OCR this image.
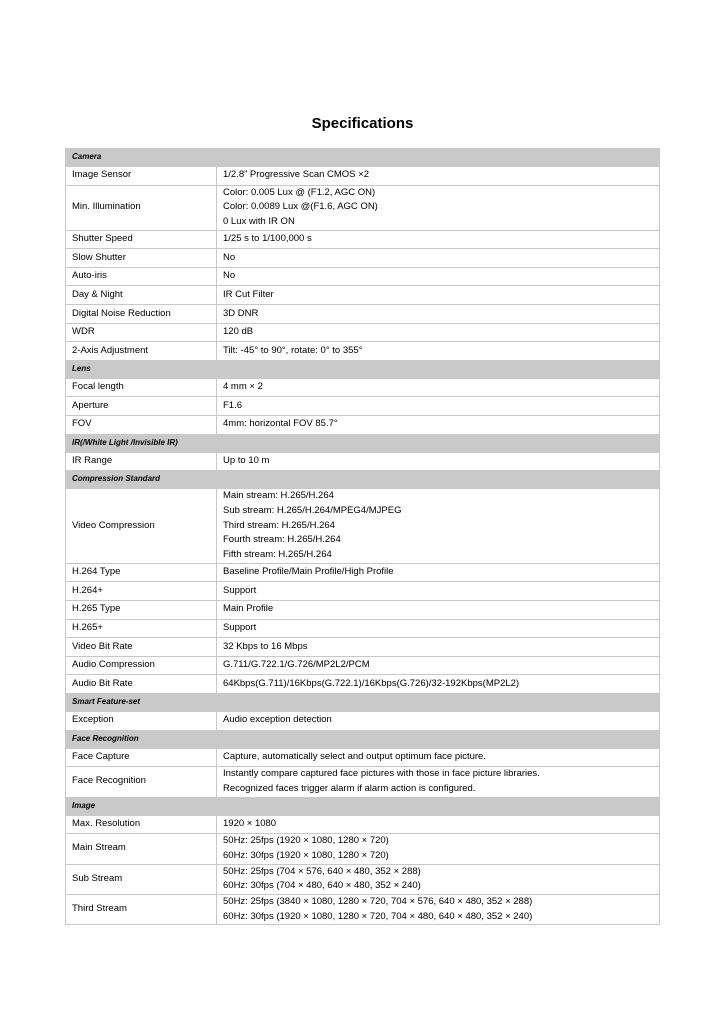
Specifications
Camera	
Image Sensor	1/2.8” Progressive Scan CMOS ×2

Min. Illumination	Color: 0.005 Lux @ (F1.2, AGC ON)
Color: 0.0089 Lux @(F1.6, AGC ON)
0 Lux with IR ON

Shutter Speed	1/25 s to 1/100,000 s

Slow Shutter	No

Auto-iris	No

Day & Night	IR Cut Filter

Digital Noise Reduction	3D DNR

WDR	120 dB

2-Axis Adjustment	Tilt: -45° to 90°, rotate: 0° to 355°

Lens	
Focal length	4 mm × 2

Aperture	F1.6

FOV	4mm: horizontal FOV 85.7°

IR(/White Light /Invisible IR)	
IR Range	Up to 10 m

Compression Standard	
Video Compression	Main stream: H.265/H.264
Sub stream: H.265/H.264/MPEG4/MJPEG
Third stream: H.265/H.264
Fourth stream: H.265/H.264
Fifth stream: H.265/H.264

H.264 Type	Baseline Profile/Main Profile/High Profile

H.264+	Support

H.265 Type	Main Profile

H.265+	Support

Video Bit Rate	32 Kbps to 16 Mbps

Audio Compression	G.711/G.722.1/G.726/MP2L2/PCM

Audio Bit Rate	64Kbps(G.711)/16Kbps(G.722.1)/16Kbps(G.726)/32-192Kbps(MP2L2)

Smart Feature-set	
Exception	Audio exception detection

Face Recognition	
Face Capture	Capture, automatically select and output optimum face picture.

Face Recognition	Instantly compare captured face pictures with those in face picture libraries.
Recognized faces trigger alarm if alarm action is configured.

Image	
Max. Resolution	1920 × 1080

Main Stream	50Hz: 25fps (1920 × 1080, 1280 × 720)
60Hz: 30fps (1920 × 1080, 1280 × 720)

Sub Stream	50Hz: 25fps (704 × 576, 640 × 480, 352 × 288)
60Hz: 30fps (704 × 480, 640 × 480, 352 × 240)

Third Stream	50Hz: 25fps (3840 × 1080, 1280 × 720, 704 × 576, 640 × 480, 352 × 288)
60Hz: 30fps (1920 × 1080, 1280 × 720, 704 × 480, 640 × 480, 352 × 240)
